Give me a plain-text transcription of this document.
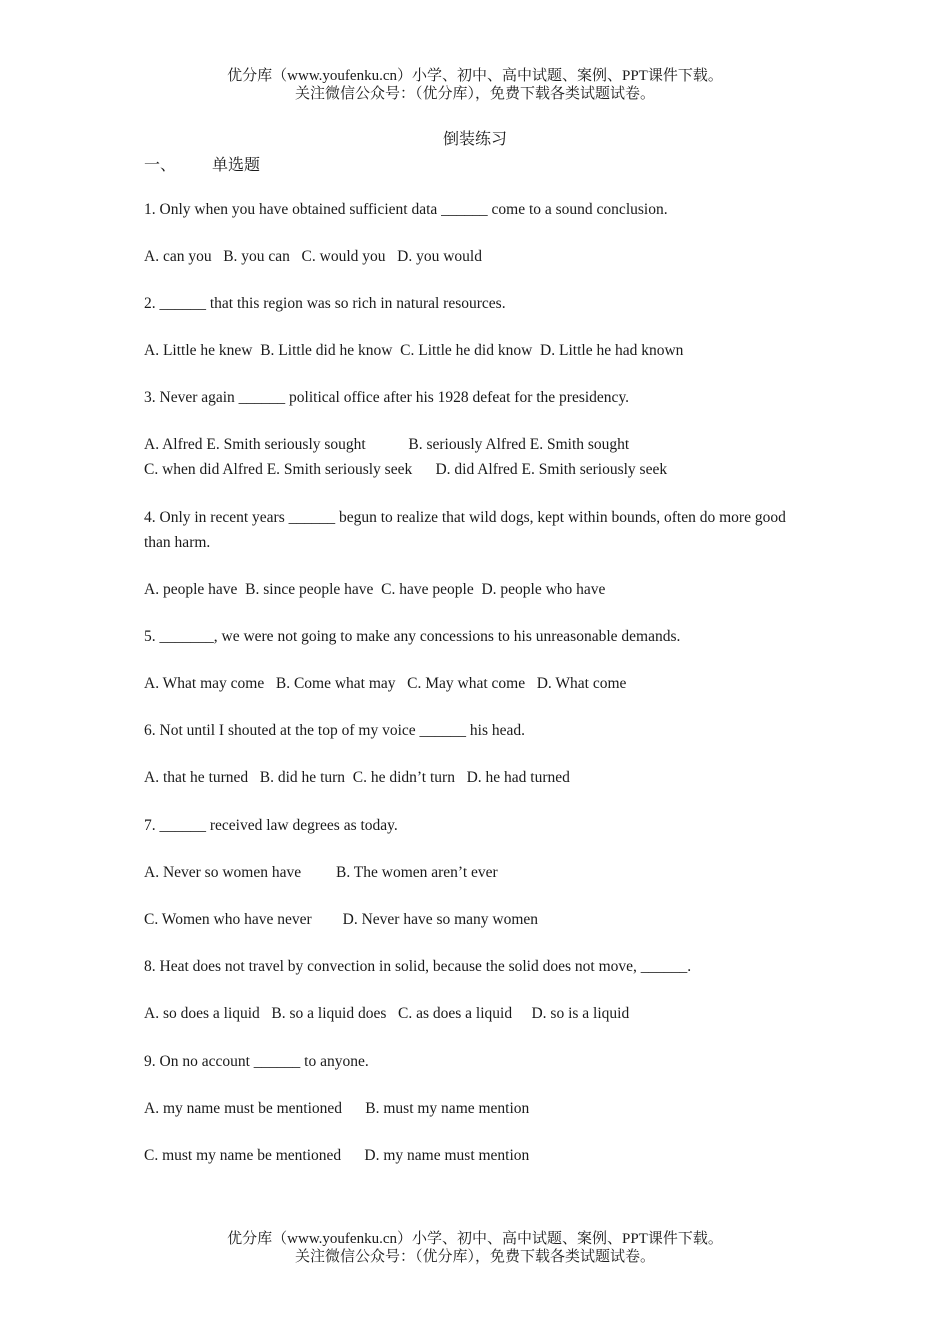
优分库（www.youfenku.cn）小学、初中、高中试题、案例、PPT课件下载。
关注微信公众号：（优分库），免费下载各类试题试卷。
倒装练习
一、 单选题
1. Only when you have obtained sufficient data ______ come to a sound conclusion.
A. can you   B. you can   C. would you   D. you would
2. ______ that this region was so rich in natural resources.
A. Little he knew  B. Little did he know  C. Little he did know  D. Little he had known
3. Never again ______ political office after his 1928 defeat for the presidency.
A. Alfred E. Smith seriously sought           B. seriously Alfred E. Smith sought
C. when did Alfred E. Smith seriously seek      D. did Alfred E. Smith seriously seek
4. Only in recent years ______ begun to realize that wild dogs, kept within bounds, often do more good than harm.
A. people have  B. since people have  C. have people  D. people who have
5. _______, we were not going to make any concessions to his unreasonable demands.
A. What may come   B. Come what may   C. May what come   D. What come
6. Not until I shouted at the top of my voice ______ his head.
A. that he turned   B. did he turn  C. he didn’t turn   D. he had turned
7. ______ received law degrees as today.
A. Never so women have         B. The women aren’t ever
C. Women who have never        D. Never have so many women
8. Heat does not travel by convection in solid, because the solid does not move, ______.
A. so does a liquid   B. so a liquid does   C. as does a liquid     D. so is a liquid
9. On no account ______ to anyone.
A. my name must be mentioned      B. must my name mention
C. must my name be mentioned      D. my name must mention
优分库（www.youfenku.cn）小学、初中、高中试题、案例、PPT课件下载。
关注微信公众号：（优分库），免费下载各类试题试卷。
